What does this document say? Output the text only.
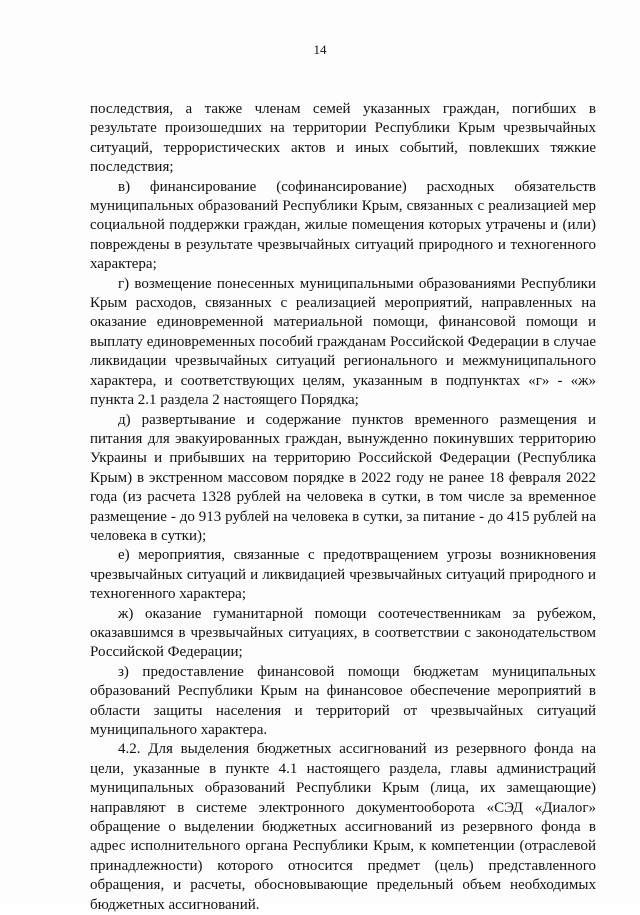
14

последствия, а также членам семей указанных граждан, погибших в результате произошедших на территории Республики Крым чрезвычайных ситуаций, террористических актов и иных событий, повлекших тяжкие последствия;

в) финансирование (софинансирование) расходных обязательств муниципальных образований Республики Крым, связанных с реализацией мер социальной поддержки граждан, жилые помещения которых утрачены и (или) повреждены в результате чрезвычайных ситуаций природного и техногенного характера;

г) возмещение понесенных муниципальными образованиями Республики Крым расходов, связанных с реализацией мероприятий, направленных на оказание единовременной материальной помощи, финансовой помощи и выплату единовременных пособий гражданам Российской Федерации в случае ликвидации чрезвычайных ситуаций регионального и межмуниципального характера, и соответствующих целям, указанным в подпунктах «г» - «ж» пункта 2.1 раздела 2 настоящего Порядка;

д) развертывание и содержание пунктов временного размещения и питания для эвакуированных граждан, вынужденно покинувших территорию Украины и прибывших на территорию Российской Федерации (Республика Крым) в экстренном массовом порядке в 2022 году не ранее 18 февраля 2022 года (из расчета 1328 рублей на человека в сутки, в том числе за временное размещение - до 913 рублей на человека в сутки, за питание - до 415 рублей на человека в сутки);

е) мероприятия, связанные с предотвращением угрозы возникновения чрезвычайных ситуаций и ликвидацией чрезвычайных ситуаций природного и техногенного характера;

ж) оказание гуманитарной помощи соотечественникам за рубежом, оказавшимся в чрезвычайных ситуациях, в соответствии с законодательством Российской Федерации;

з) предоставление финансовой помощи бюджетам муниципальных образований Республики Крым на финансовое обеспечение мероприятий в области защиты населения и территорий от чрезвычайных ситуаций муниципального характера.

4.2. Для выделения бюджетных ассигнований из резервного фонда на цели, указанные в пункте 4.1 настоящего раздела, главы администраций муниципальных образований Республики Крым (лица, их замещающие) направляют в системе электронного документооборота «СЭД «Диалог» обращение о выделении бюджетных ассигнований из резервного фонда в адрес исполнительного органа Республики Крым, к компетенции (отраслевой принадлежности) которого относится предмет (цель) представленного обращения, и расчеты, обосновывающие предельный объем необходимых бюджетных ассигнований.
